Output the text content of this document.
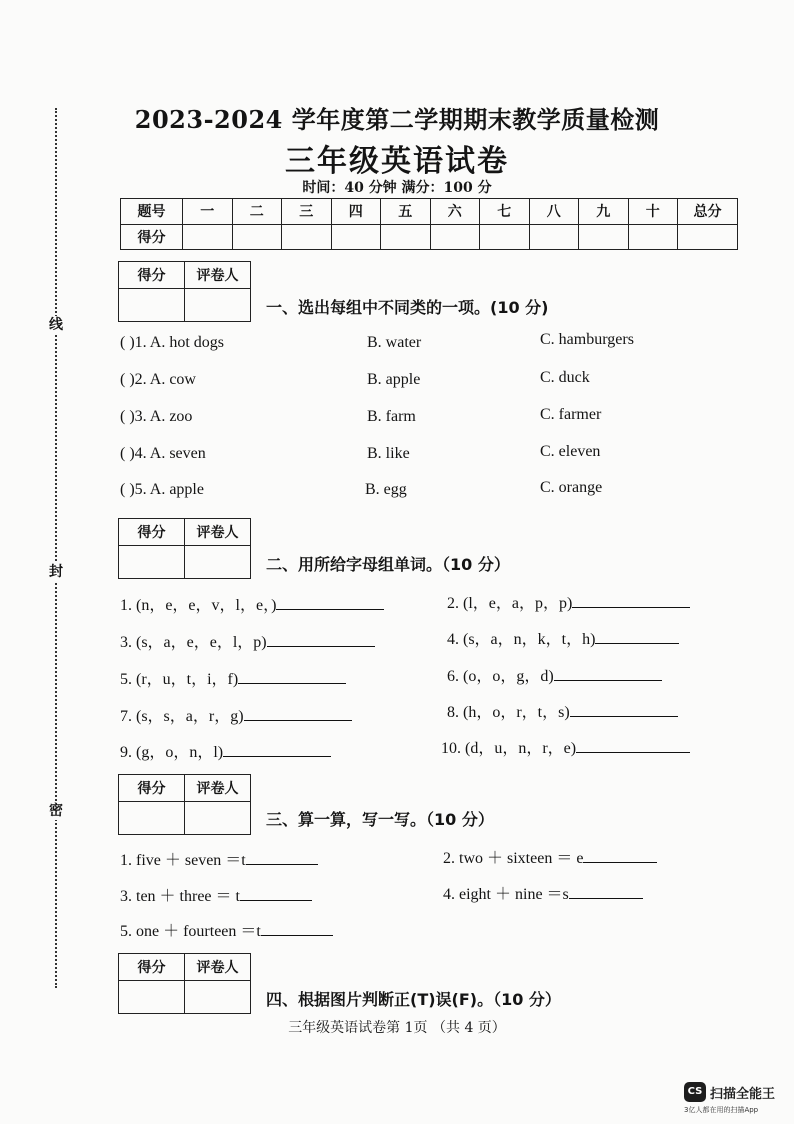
线
封
密
2023-2024 学年度第二学期期末教学质量检测
三年级英语试卷
时间：40 分钟 满分：100 分
题号	一	二	三	四	五	六	七	八	九	十	总分
得分											
得分	评卷人

一、选出每组中不同类的一项。(10 分)
( )1. A. hot dogs	B. water	C. hamburgers
( )2. A. cow	B. apple	C. duck
( )3. A. zoo	B. farm	C. farmer
( )4. A. seven	B. like	C. eleven
( )5. A. apple	B. egg	C. orange
得分	评卷人

二、用所给字母组单词。（10 分）
1. (n，e，e，v，l，e，)	2. (l，e，a，p，p)
3. (s，a，e，e，l，p)	4. (s，a，n，k，t，h)
5. (r，u，t，i，f)	6. (o，o，g，d)
7. (s，s，a，r，g)	8. (h，o，r，t，s)
9. (g，o，n，l)	10. (d，u，n，r，e)
得分	评卷人

三、算一算，写一写。（10 分）
1. five ＋ seven ＝t	2. two ＋ sixteen ＝ e
3. ten ＋ three ＝ t	4. eight ＋ nine ＝s
5. one ＋ fourteen ＝t
得分	评卷人

四、根据图片判断正(T)误(F)。（10 分）
三年级英语试卷第 1页 （共 4 页）
CS 扫描全能王
3亿人都在用的扫描App
